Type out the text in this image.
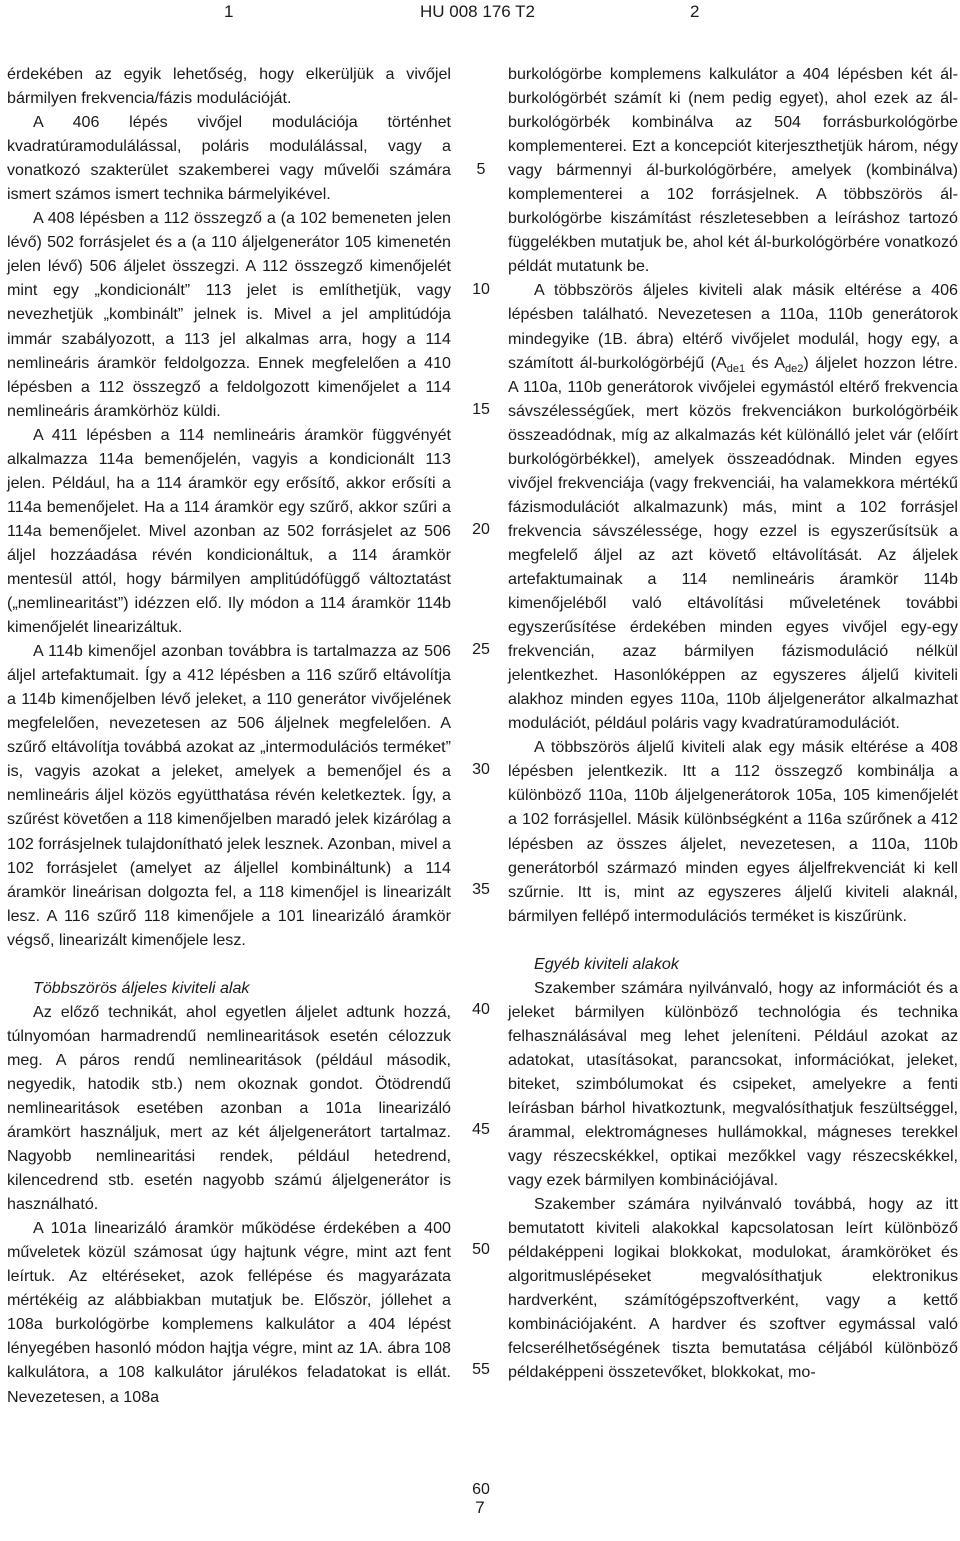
1	HU 008 176 T2	2

érdekében az egyik lehetőség, hogy elkerüljük a vivőjel bármilyen frekvencia/fázis modulációját.

A 406 lépés vivőjel modulációja történhet kvadratúramodulálással, poláris modulálással, vagy a vonatkozó szakterület szakemberei vagy művelői számára ismert számos ismert technika bármelyikével.

A 408 lépésben a 112 összegző a (a 102 bemeneten jelen lévő) 502 forrásjelet és a (a 110 áljelgenerátor 105 kimenetén jelen lévő) 506 áljelet összegzi. A 112 összegző kimenőjelét mint egy „kondicionált” 113 jelet is említhetjük, vagy nevezhetjük „kombinált” jelnek is. Mivel a jel amplitúdója immár szabályozott, a 113 jel alkalmas arra, hogy a 114 nemlineáris áramkör feldolgozza. Ennek megfelelően a 410 lépésben a 112 összegző a feldolgozott kimenőjelet a 114 nemlineáris áramkörhöz küldi.

A 411 lépésben a 114 nemlineáris áramkör függvényét alkalmazza 114a bemenőjelén, vagyis a kondicionált 113 jelen. Például, ha a 114 áramkör egy erősítő, akkor erősíti a 114a bemenőjelet. Ha a 114 áramkör egy szűrő, akkor szűri a 114a bemenőjelet. Mivel azonban az 502 forrásjelet az 506 áljel hozzáadása révén kondicionáltuk, a 114 áramkör mentesül attól, hogy bármilyen amplitúdófüggő változtatást („nemlinearitást”) idézzen elő. Ily módon a 114 áramkör 114b kimenőjelét linearizáltuk.

A 114b kimenőjel azonban továbbra is tartalmazza az 506 áljel artefaktumait. Így a 412 lépésben a 116 szűrő eltávolítja a 114b kimenőjelben lévő jeleket, a 110 generátor vivőjelének megfelelően, nevezetesen az 506 áljelnek megfelelően. A szűrő eltávolítja továbbá azokat az „intermodulációs terméket” is, vagyis azokat a jeleket, amelyek a bemenőjel és a nemlineáris áljel közös együtthatása révén keletkeztek. Így, a szűrést követően a 118 kimenőjelben maradó jelek kizárólag a 102 forrásjelnek tulajdonítható jelek lesznek. Azonban, mivel a 102 forrásjelet (amelyet az áljellel kombináltunk) a 114 áramkör lineárisan dolgozta fel, a 118 kimenőjel is linearizált lesz. A 116 szűrő 118 kimenőjele a 101 linearizáló áramkör végső, linearizált kimenőjele lesz.

Többszörös áljeles kiviteli alak

Az előző technikát, ahol egyetlen áljelet adtunk hozzá, túlnyomóan harmadrendű nemlinearitások esetén célozzuk meg. A páros rendű nemlinearitások (például második, negyedik, hatodik stb.) nem okoznak gondot. Ötödrendű nemlinearitások esetében azonban a 101a linearizáló áramkört használjuk, mert az két áljelgenerátort tartalmaz. Nagyobb nemlinearitási rendek, például hetedrend, kilencedrend stb. esetén nagyobb számú áljelgenerátor is használható.

A 101a linearizáló áramkör működése érdekében a 400 műveletek közül számosat úgy hajtunk végre, mint azt fent leírtuk. Az eltéréseket, azok fellépése és magyarázata mértékéig az alábbiakban mutatjuk be. Először, jóllehet a 108a burkológörbe komplemens kalkulátor a 404 lépést lényegében hasonló módon hajtja végre, mint az 1A. ábra 108 kalkulátora, a 108 kalkulátor járulékos feladatokat is ellát. Nevezetesen, a 108a

5
10
15
20
25
30
35
40
45
50
55
60

burkológörbe komplemens kalkulátor a 404 lépésben két ál-burkológörbét számít ki (nem pedig egyet), ahol ezek az ál-burkológörbék kombinálva az 504 forrásburkológörbe komplementerei. Ezt a koncepciót kiterjeszthetjük három, négy vagy bármennyi ál-burkológörbére, amelyek (kombinálva) komplementerei a 102 forrásjelnek. A többszörös ál-burkológörbe kiszámítást részletesebben a leíráshoz tartozó függelékben mutatjuk be, ahol két ál-burkológörbére vonatkozó példát mutatunk be.

A többszörös áljeles kiviteli alak másik eltérése a 406 lépésben található. Nevezetesen a 110a, 110b generátorok mindegyike (1B. ábra) eltérő vivőjelet modulál, hogy egy, a számított ál-burkológörbéjű ($A_{de1}$ és $A_{de2}$) áljelet hozzon létre. A 110a, 110b generátorok vivőjelei egymástól eltérő frekvencia sávszélességűek, mert közös frekvenciákon burkológörbéik összeadódnak, míg az alkalmazás két különálló jelet vár (előírt burkológörbékkel), amelyek összeadódnak. Minden egyes vivőjel frekvenciája (vagy frekvenciái, ha valamekkora mértékű fázismodulációt alkalmazunk) más, mint a 102 forrásjel frekvencia sávszélessége, hogy ezzel is egyszerűsítsük a megfelelő áljel az azt követő eltávolítását. Az áljelek artefaktumainak a 114 nemlineáris áramkör 114b kimenőjeléből való eltávolítási műveletének további egyszerűsítése érdekében minden egyes vivőjel egy-egy frekvencián, azaz bármilyen fázismoduláció nélkül jelentkezhet. Hasonlóképpen az egyszeres áljelű kiviteli alakhoz minden egyes 110a, 110b áljelgenerátor alkalmazhat modulációt, például poláris vagy kvadratúramodulációt.

A többszörös áljelű kiviteli alak egy másik eltérése a 408 lépésben jelentkezik. Itt a 112 összegző kombinálja a különböző 110a, 110b áljelgenerátorok 105a, 105 kimenőjelét a 102 forrásjellel. Másik különbségként a 116a szűrőnek a 412 lépésben az összes áljelet, nevezetesen, a 110a, 110b generátorból származó minden egyes áljelfrekvenciát ki kell szűrnie. Itt is, mint az egyszeres áljelű kiviteli alaknál, bármilyen fellépő intermodulációs terméket is kiszűrünk.

Egyéb kiviteli alakok

Szakember számára nyilvánvaló, hogy az információt és a jeleket bármilyen különböző technológia és technika felhasználásával meg lehet jeleníteni. Például azokat az adatokat, utasításokat, parancsokat, információkat, jeleket, biteket, szimbólumokat és csipeket, amelyekre a fenti leírásban bárhol hivatkoztunk, megvalósíthatjuk feszültséggel, árammal, elektromágneses hullámokkal, mágneses terekkel vagy részecskékkel, optikai mezőkkel vagy részecskékkel, vagy ezek bármilyen kombinációjával.

Szakember számára nyilvánvaló továbbá, hogy az itt bemutatott kiviteli alakokkal kapcsolatosan leírt különböző példaképpeni logikai blokkokat, modulokat, áramköröket és algoritmuslépéseket megvalósíthatjuk elektronikus hardverként, számítógépszoftverként, vagy a kettő kombinációjaként. A hardver és szoftver egymással való felcserélhetőségének tiszta bemutatása céljából különböző példaképpeni összetevőket, blokkokat, mo-

7
